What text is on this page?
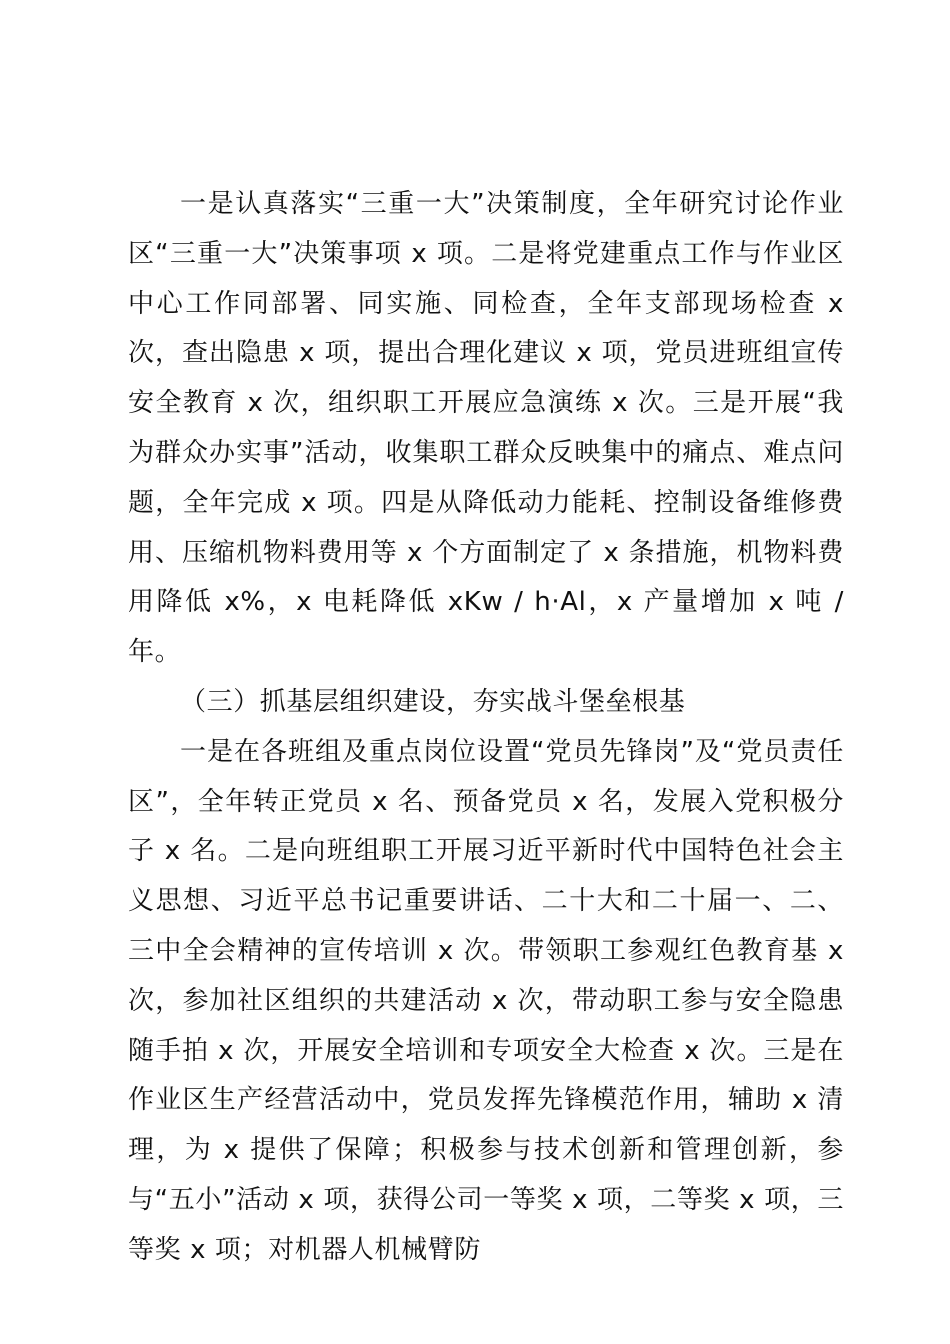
一是认真落实“三重一大”决策制度，全年研究讨论作业区“三重一大”决策事项 x 项。二是将党建重点工作与作业区中心工作同部署、同实施、同检查，全年支部现场检查 x 次，查出隐患 x 项，提出合理化建议 x 项，党员进班组宣传安全教育 x 次，组织职工开展应急演练 x 次。三是开展“我为群众办实事”活动，收集职工群众反映集中的痛点、难点问题，全年完成 x 项。四是从降低动力能耗、控制设备维修费用、压缩机物料费用等 x 个方面制定了 x 条措施，机物料费用降低 x%，x 电耗降低 xKw / h·Al，x 产量增加 x 吨 / 年。

（三）抓基层组织建设，夯实战斗堡垒根基

一是在各班组及重点岗位设置“党员先锋岗”及“党员责任区”，全年转正党员 x 名、预备党员 x 名，发展入党积极分子 x 名。二是向班组职工开展习近平新时代中国特色社会主义思想、习近平总书记重要讲话、二十大和二十届一、二、三中全会精神的宣传培训 x 次。带领职工参观红色教育基 x 次，参加社区组织的共建活动 x 次，带动职工参与安全隐患随手拍 x 次，开展安全培训和专项安全大检查 x 次。三是在作业区生产经营活动中，党员发挥先锋模范作用，辅助 x 清理，为 x 提供了保障；积极参与技术创新和管理创新，参与“五小”活动 x 项，获得公司一等奖 x 项，二等奖 x 项，三等奖 x 项；对机器人机械臂防
